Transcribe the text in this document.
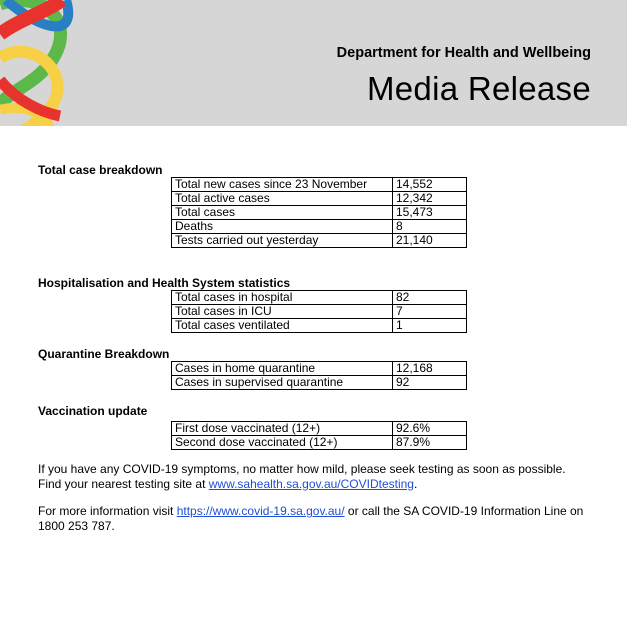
Department for Health and Wellbeing
Media Release
Total case breakdown
Total new cases since 23 November	14,552
Total active cases	12,342
Total cases	15,473
Deaths	8
Tests carried out yesterday	21,140
Hospitalisation and Health System statistics
Total cases in hospital	82
Total cases in ICU	7
Total cases ventilated	1
Quarantine Breakdown
Cases in home quarantine	12,168
Cases in supervised quarantine	92
Vaccination update
First dose vaccinated (12+)	92.6%
Second dose vaccinated (12+)	87.9%
If you have any COVID-19 symptoms, no matter how mild, please seek testing as soon as possible.
Find your nearest testing site at www.sahealth.sa.gov.au/COVIDtesting.
For more information visit https://www.covid-19.sa.gov.au/ or call the SA COVID-19 Information Line on
1800 253 787.
